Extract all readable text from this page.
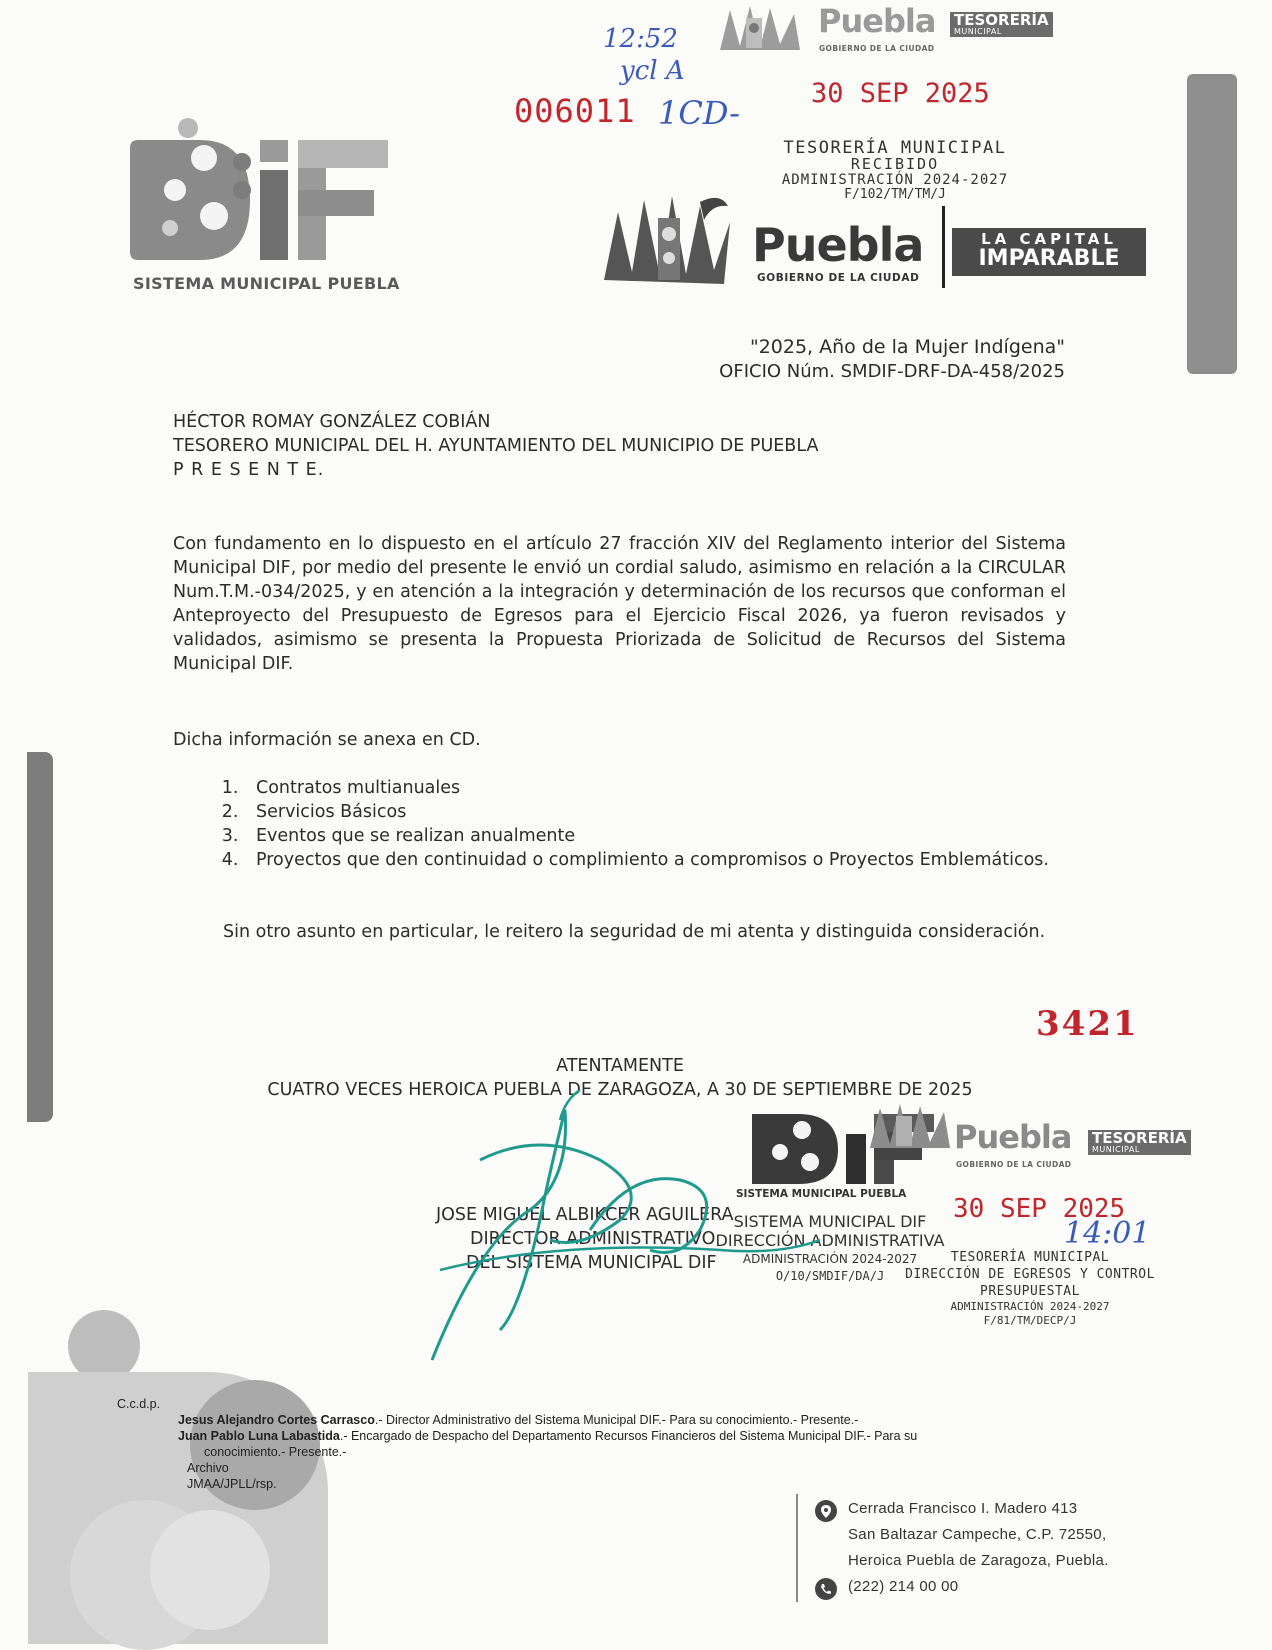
Puebla
GOBIERNO DE LA CIUDAD
TESORERÍA
MUNICIPAL
12:52
ycl A
006011 1CD-
30 SEP 2025
TESORERÍA MUNICIPAL
RECIBIDO
ADMINISTRACIÓN 2024-2027
F/102/TM/TM/J
SISTEMA MUNICIPAL PUEBLA
Puebla
GOBIERNO DE LA CIUDAD
LA CAPITAL
IMPARABLE
"2025, Año de la Mujer Indígena"
OFICIO Núm. SMDIF-DRF-DA-458/2025
HÉCTOR ROMAY GONZÁLEZ COBIÁN
TESORERO MUNICIPAL DEL H. AYUNTAMIENTO DEL MUNICIPIO DE PUEBLA
P R E S E N T E.
Con fundamento en lo dispuesto en el artículo 27 fracción XIV del Reglamento interior del Sistema Municipal DIF, por medio del presente le envió un cordial saludo, asimismo en relación a la CIRCULAR Num.T.M.-034/2025, y en atención a la integración y determinación de los recursos que conforman el Anteproyecto del Presupuesto de Egresos para el Ejercicio Fiscal 2026, ya fueron revisados y validados, asimismo se presenta la Propuesta Priorizada de Solicitud de Recursos del Sistema Municipal DIF.
Dicha información se anexa en CD.
1. Contratos multianuales
2. Servicios Básicos
3. Eventos que se realizan anualmente
4. Proyectos que den continuidad o complimiento a compromisos o Proyectos Emblemáticos.
Sin otro asunto en particular, le reitero la seguridad de mi atenta y distinguida consideración.
3421
ATENTAMENTE
CUATRO VECES HEROICA PUEBLA DE ZARAGOZA, A 30 DE SEPTIEMBRE DE 2025
Puebla
GOBIERNO DE LA CIUDAD
TESORERÍA
MUNICIPAL
SISTEMA MUNICIPAL PUEBLA 30 SEP 2025
14:01
JOSE MIGUEL ALBIKCER AGUILERA
DIRECTOR ADMINISTRATIVO
DEL SISTEMA MUNICIPAL DIF
SISTEMA MUNICIPAL DIF
DIRECCIÓN ADMINISTRATIVA
ADMINISTRACIÓN 2024-2027
O/10/SMDIF/DA/J
TESORERÍA MUNICIPAL
DIRECCIÓN DE EGRESOS Y CONTROL
PRESUPUESTAL
ADMINISTRACIÓN 2024-2027
F/81/TM/DECP/J
C.c.d.p.
Jesus Alejandro Cortes Carrasco.- Director Administrativo del Sistema Municipal DIF.- Para su conocimiento.- Presente.-
Juan Pablo Luna Labastida.- Encargado de Despacho del Departamento Recursos Financieros del Sistema Municipal DIF.- Para su
conocimiento.- Presente.-
Archivo
JMAA/JPLL/rsp.
Cerrada Francisco I. Madero 413
San Baltazar Campeche, C.P. 72550,
Heroica Puebla de Zaragoza, Puebla.
(222) 214 00 00
